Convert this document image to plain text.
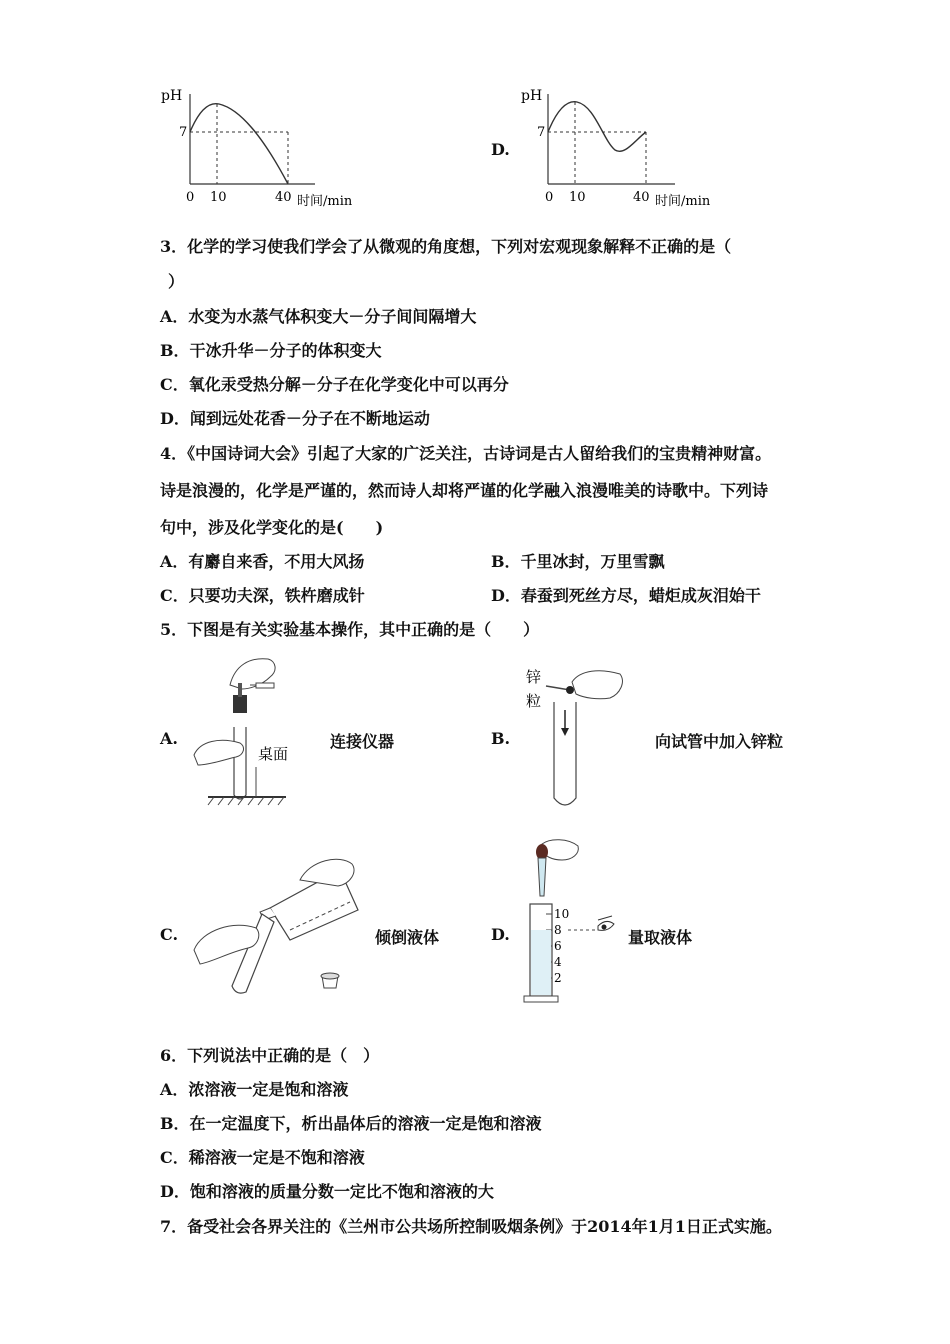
pH
7
0 10	40 时间/min
D.
pH
7
0 10	40 时间/min
3．化学的学习使我们学会了从微观的角度想，下列对宏观现象解释不正确的是（
）
A．水变为水蒸气体积变大－分子间间隔增大
B．干冰升华－分子的体积变大
C．氧化汞受热分解－分子在化学变化中可以再分
D．闻到远处花香－分子在不断地运动
4．《中国诗词大会》引起了大家的广泛关注，古诗词是古人留给我们的宝贵精神财富。
诗是浪漫的，化学是严谨的，然而诗人却将严谨的化学融入浪漫唯美的诗歌中。下列诗
句中，涉及化学变化的是(　　)
A．有麝自来香，不用大风扬	B．千里冰封，万里雪飘
C．只要功夫深，铁杵磨成针	D．春蚕到死丝方尽，蜡炬成灰泪始干
5．下图是有关实验基本操作，其中正确的是（　　）
A.
桌面
连接仪器	B.
锌
粒
向试管中加入锌粒
C.	倾倒液体	D.
10
8
6
4
2
量取液体
6．下列说法中正确的是（　）
A．浓溶液一定是饱和溶液
B．在一定温度下，析出晶体后的溶液一定是饱和溶液
C．稀溶液一定是不饱和溶液
D．饱和溶液的质量分数一定比不饱和溶液的大
7．备受社会各界关注的《兰州市公共场所控制吸烟条例》于2014年1月1日正式实施。
